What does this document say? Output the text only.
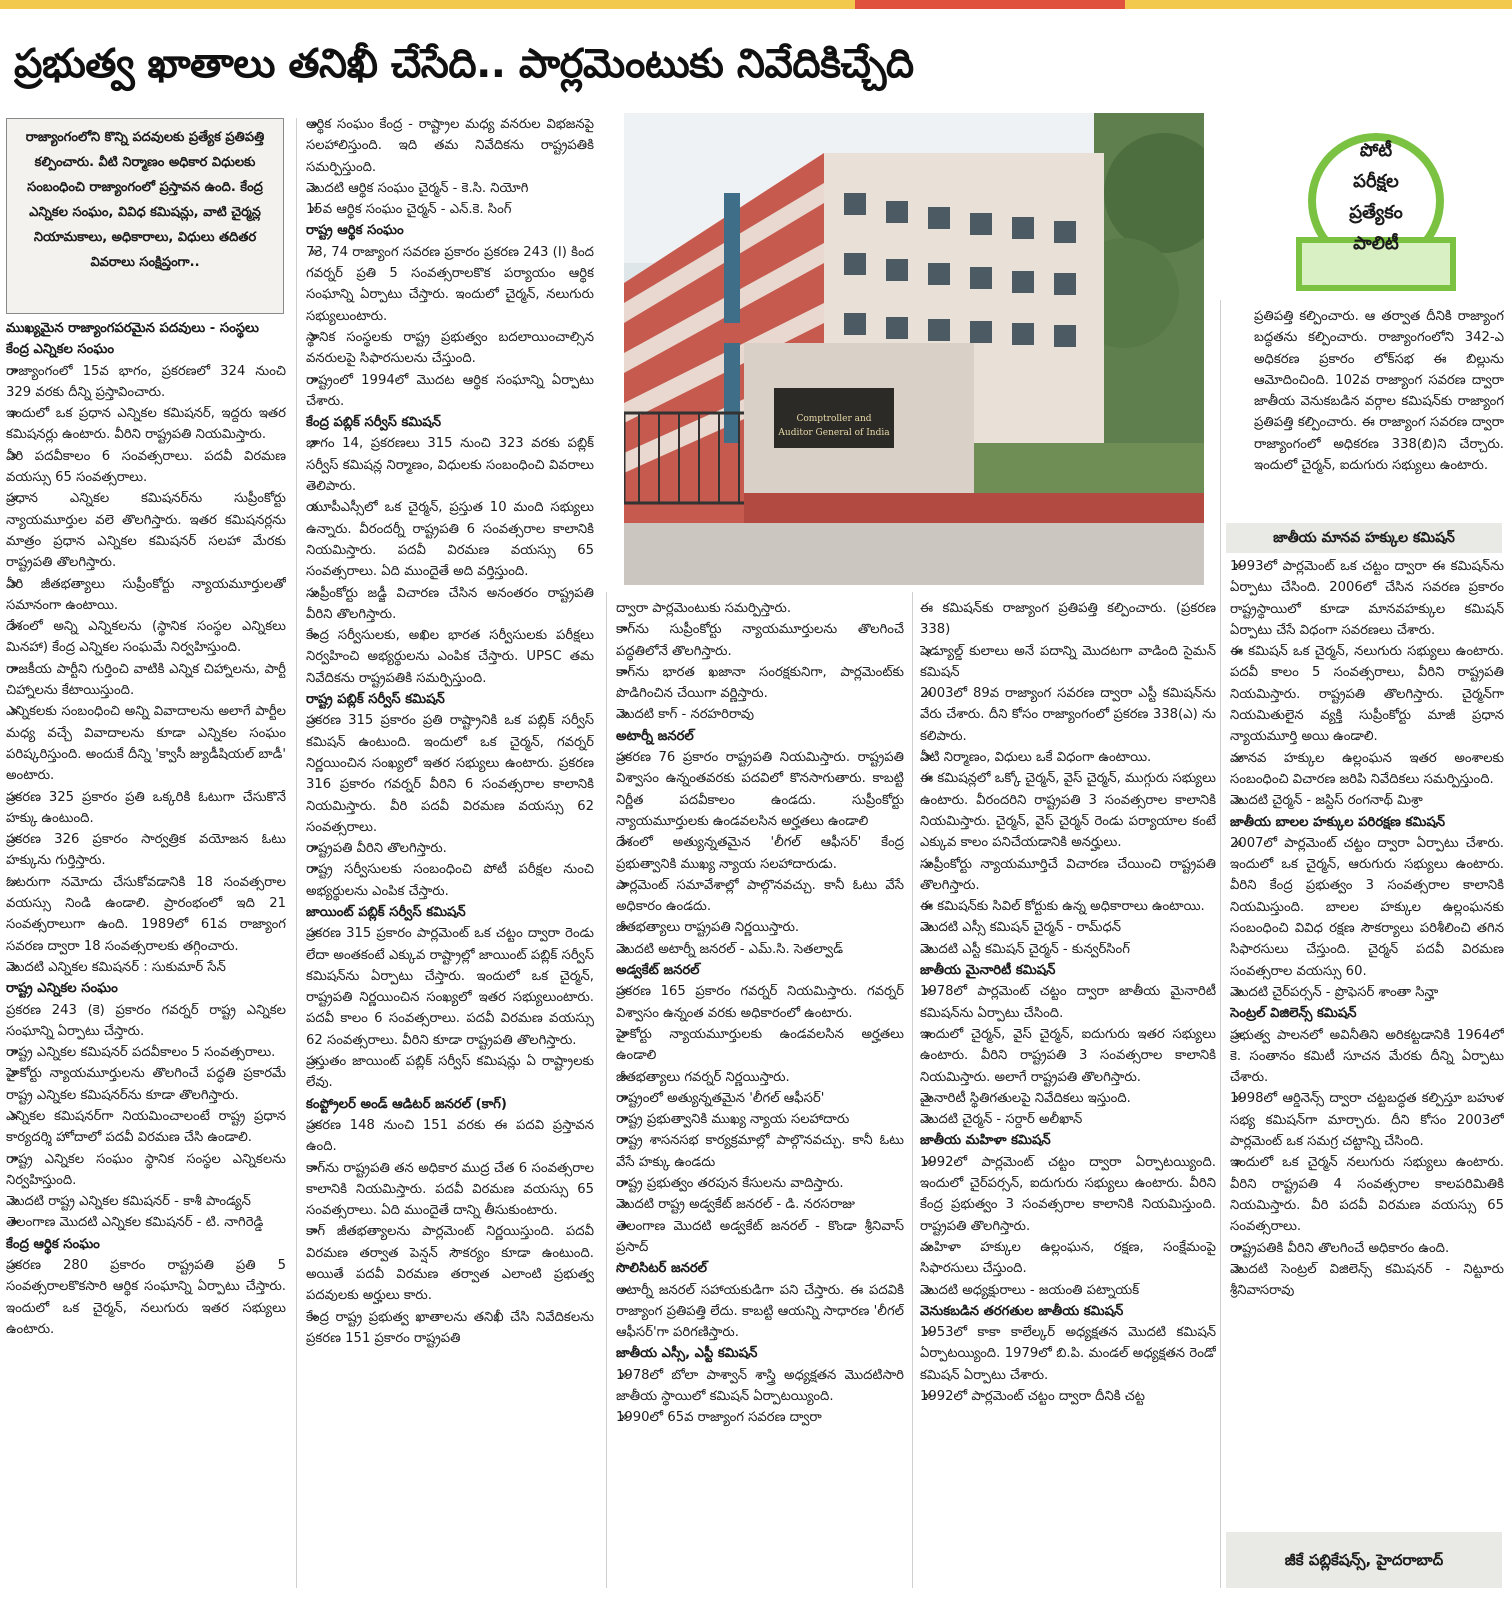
ప్రభుత్వ ఖాతాలు తనిఖీ చేసేది.. పార్లమెంటుకు నివేదికిచ్చేది
రాజ్యాంగంలోని కొన్ని పదవులకు ప్రత్యేక ప్రతిపత్తి కల్పించారు. వీటి నిర్మాణం అధికార విధులకు సంబంధించి రాజ్యాంగంలో ప్రస్తావన ఉంది. కేంద్ర ఎన్నికల సంఘం, వివిధ కమిషన్లు, వాటి చైర్మన్ల నియామకాలు, అధికారాలు, విధులు తదితర వివరాలు సంక్షిప్తంగా..

ముఖ్యమైన రాజ్యాంగపరమైన పదవులు - సంస్థలు కేంద్ర ఎన్నికల సంఘం

» రాజ్యాంగంలో 15వ భాగం, ప్రకరణలో 324 నుంచి 329 వరకు దీన్ని ప్రస్తావించారు.

» ఇందులో ఒక ప్రధాన ఎన్నికల కమిషనర్, ఇద్దరు ఇతర కమిషనర్లు ఉంటారు. వీరిని రాష్ట్రపతి నియమిస్తారు.

» వీరి పదవీకాలం 6 సంవత్సరాలు. పదవీ విరమణ వయస్సు 65 సంవత్సరాలు.

» ప్రధాన ఎన్నికల కమిషనర్‌ను సుప్రీంకోర్టు న్యాయమూర్తుల వలె తొలగిస్తారు. ఇతర కమిషనర్లను మాత్రం ప్రధాన ఎన్నికల కమిషనర్ సలహా మేరకు రాష్ట్రపతి తొలగిస్తారు.

» వీరి జీతభత్యాలు సుప్రీంకోర్టు న్యాయమూర్తులతో సమానంగా ఉంటాయి.

» దేశంలో అన్ని ఎన్నికలను (స్థానిక సంస్థల ఎన్నికలు మినహా) కేంద్ర ఎన్నికల సంఘమే నిర్వహిస్తుంది.

» రాజకీయ పార్టీని గుర్తించి వాటికి ఎన్నిక చిహ్నాలను, పార్టీ చిహ్నాలను కేటాయిస్తుంది.

» ఎన్నికలకు సంబంధించి అన్ని వివాదాలను అలాగే పార్టీల మధ్య వచ్చే వివాదాలను కూడా ఎన్నికల సంఘం పరిష్కరిస్తుంది. అందుకే దీన్ని 'క్వాసీ జ్యుడీషియల్ బాడీ' అంటారు.

» ప్రకరణ 325 ప్రకారం ప్రతి ఒక్కరికి ఓటుగా చేసుకొనే హక్కు ఉంటుంది.

» ప్రకరణ 326 ప్రకారం సార్వత్రిక వయోజన ఓటు హక్కును గుర్తిస్తారు.

» ఓటరుగా నమోదు చేసుకోవడానికి 18 సంవత్సరాల వయస్సు నిండి ఉండాలి. ప్రారంభంలో ఇది 21 సంవత్సరాలుగా ఉంది. 1989లో 61వ రాజ్యాంగ సవరణ ద్వారా 18 సంవత్సరాలకు తగ్గించారు.

» మొదటి ఎన్నికల కమిషనర్ : సుకుమార్ సేన్

రాష్ట్ర ఎన్నికల సంఘం

ప్రకరణ 243 (కె) ప్రకారం గవర్నర్ రాష్ట్ర ఎన్నికల సంఘాన్ని ఏర్పాటు చేస్తారు.

» రాష్ట్ర ఎన్నికల కమిషనర్ పదవీకాలం 5 సంవత్సరాలు.

» హైకోర్టు న్యాయమూర్తులను తొలగించే పద్ధతి ప్రకారమే రాష్ట్ర ఎన్నికల కమిషనర్‌ను కూడా తొలగిస్తారు.

» ఎన్నికల కమిషనర్‌గా నియమించాలంటే రాష్ట్ర ప్రధాన కార్యదర్శి హోదాలో పదవీ విరమణ చేసి ఉండాలి.

» రాష్ట్ర ఎన్నికల సంఘం స్థానిక సంస్థల ఎన్నికలను నిర్వహిస్తుంది.

» మొదటి రాష్ట్ర ఎన్నికల కమిషనర్ - కాశీ పాండ్యన్

» తెలంగాణ మొదటి ఎన్నికల కమిషనర్ - టి. నాగిరెడ్డి

కేంద్ర ఆర్థిక సంఘం

» ప్రకరణ 280 ప్రకారం రాష్ట్రపతి ప్రతి 5 సంవత్సరాలకొకసారి ఆర్థిక సంఘాన్ని ఏర్పాటు చేస్తారు. ఇందులో ఒక చైర్మన్, నలుగురు ఇతర సభ్యులు ఉంటారు.

» ఆర్థిక సంఘం కేంద్ర - రాష్ట్రాల మధ్య వనరుల విభజనపై సలహాలిస్తుంది. ఇది తమ నివేదికను రాష్ట్రపతికి సమర్పిస్తుంది.

» మొదటి ఆర్థిక సంఘం చైర్మన్ - కె.సి. నియోగి

» 15వ ఆర్థిక సంఘం చైర్మన్ - ఎన్.కె. సింగ్

రాష్ట్ర ఆర్థిక సంఘం

» 73, 74 రాజ్యాంగ సవరణ ప్రకారం ప్రకరణ 243 (I) కింద గవర్నర్ ప్రతి 5 సంవత్సరాలకొక పర్యాయం ఆర్థిక సంఘాన్ని ఏర్పాటు చేస్తారు. ఇందులో చైర్మన్, నలుగురు సభ్యులుంటారు.

» స్థానిక సంస్థలకు రాష్ట్ర ప్రభుత్వం బదలాయించాల్సిన వనరులపై సిఫారసులను చేస్తుంది.

» రాష్ట్రంలో 1994లో మొదట ఆర్థిక సంఘాన్ని ఏర్పాటు చేశారు.

కేంద్ర పబ్లిక్ సర్వీస్ కమిషన్

» భాగం 14, ప్రకరణలు 315 నుంచి 323 వరకు పబ్లిక్ సర్వీస్ కమిషన్ల నిర్మాణం, విధులకు సంబంధించి వివరాలు తెలిపారు.

» యూపీఎస్సీలో ఒక చైర్మన్, ప్రస్తుత 10 మంది సభ్యులు ఉన్నారు. వీరందర్నీ రాష్ట్రపతి 6 సంవత్సరాల కాలానికి నియమిస్తారు. పదవీ విరమణ వయస్సు 65 సంవత్సరాలు. ఏది ముందైతే అది వర్తిస్తుంది.

» సుప్రీంకోర్టు జడ్జీ విచారణ చేసిన అనంతరం రాష్ట్రపతి వీరిని తొలగిస్తారు.

» కేంద్ర సర్వీసులకు, అఖిల భారత సర్వీసులకు పరీక్షలు నిర్వహించి అభ్యర్థులను ఎంపిక చేస్తారు. UPSC తమ నివేదికను రాష్ట్రపతికి సమర్పిస్తుంది.

రాష్ట్ర పబ్లిక్ సర్వీస్ కమిషన్

» ప్రకరణ 315 ప్రకారం ప్రతి రాష్ట్రానికి ఒక పబ్లిక్ సర్వీస్ కమిషన్ ఉంటుంది. ఇందులో ఒక చైర్మన్, గవర్నర్ నిర్ణయించిన సంఖ్యలో ఇతర సభ్యులు ఉంటారు. ప్రకరణ 316 ప్రకారం గవర్నర్ వీరిని 6 సంవత్సరాల కాలానికి నియమిస్తారు. వీరి పదవీ విరమణ వయస్సు 62 సంవత్సరాలు.

» రాష్ట్రపతి వీరిని తొలగిస్తారు.

» రాష్ట్ర సర్వీసులకు సంబంధించి పోటీ పరీక్షల నుంచి అభ్యర్థులను ఎంపిక చేస్తారు.

జాయింట్ పబ్లిక్ సర్వీస్ కమిషన్

» ప్రకరణ 315 ప్రకారం పార్లమెంట్ ఒక చట్టం ద్వారా రెండు లేదా అంతకంటే ఎక్కువ రాష్ట్రాల్లో జాయింట్ పబ్లిక్ సర్వీస్ కమిషన్‌ను ఏర్పాటు చేస్తారు. ఇందులో ఒక చైర్మన్, రాష్ట్రపతి నిర్ణయించిన సంఖ్యలో ఇతర సభ్యులుంటారు. పదవీ కాలం 6 సంవత్సరాలు. పదవీ విరమణ వయస్సు 62 సంవత్సరాలు. వీరిని కూడా రాష్ట్రపతి తొలగిస్తారు.

» ప్రస్తుతం జాయింట్ పబ్లిక్ సర్వీస్ కమిషన్లు ఏ రాష్ట్రాలకు లేవు.

కంప్ట్రోలర్ అండ్ ఆడిటర్ జనరల్ (కాగ్)

» ప్రకరణ 148 నుంచి 151 వరకు ఈ పదవి ప్రస్తావన ఉంది.

» కాగ్‌ను రాష్ట్రపతి తన అధికార ముద్ర చేత 6 సంవత్సరాల కాలానికి నియమిస్తారు. పదవీ విరమణ వయస్సు 65 సంవత్సరాలు. ఏది ముందైతే దాన్ని తీసుకుంటారు.

» కాగ్ జీతభత్యాలను పార్లమెంట్ నిర్ణయిస్తుంది. పదవీ విరమణ తర్వాత పెన్షన్ సౌకర్యం కూడా ఉంటుంది. అయితే పదవీ విరమణ తర్వాత ఎలాంటి ప్రభుత్వ పదవులకు అర్హులు కారు.

» కేంద్ర రాష్ట్ర ప్రభుత్వ ఖాతాలను తనిఖీ చేసి నివేదికలను ప్రకరణ 151 ప్రకారం రాష్ట్రపతి

Comptroller and
Auditor General of India
పోటీ
పరీక్షల
ప్రత్యేకం
పాలిటీ

ద్వారా పార్లమెంటుకు సమర్పిస్తారు.

» కాగ్‌ను సుప్రీంకోర్టు న్యాయమూర్తులను తొలగించే పద్ధతిలోనే తొలగిస్తారు.

» కాగ్‌ను భారత ఖజానా సంరక్షకునిగా, పార్లమెంట్‌కు పొడిగించిన చేయిగా వర్ణిస్తారు.

» మొదటి కాగ్ - నరహరిరావు

అటార్నీ జనరల్

» ప్రకరణ 76 ప్రకారం రాష్ట్రపతి నియమిస్తారు. రాష్ట్రపతి విశ్వాసం ఉన్నంతవరకు పదవిలో కొనసాగుతారు. కాబట్టి నిర్ణీత పదవీకాలం ఉండదు. సుప్రీంకోర్టు న్యాయమూర్తులకు ఉండవలసిన అర్హతలు ఉండాలి

» దేశంలో అత్యున్నతమైన 'లీగల్ ఆఫీసర్' కేంద్ర ప్రభుత్వానికి ముఖ్య న్యాయ సలహాదారుడు.

» పార్లమెంట్ సమావేశాల్లో పాల్గొనవచ్చు. కానీ ఓటు వేసే అధికారం ఉండదు.

» జీతభత్యాలు రాష్ట్రపతి నిర్ణయిస్తారు.

» మొదటి అటార్నీ జనరల్ - ఎమ్.సి. సెతల్వాడ్

అడ్వకేట్ జనరల్

» ప్రకరణ 165 ప్రకారం గవర్నర్ నియమిస్తారు. గవర్నర్ విశ్వాసం ఉన్నంత వరకు అధికారంలో ఉంటారు.

» హైకోర్టు న్యాయమూర్తులకు ఉండవలసిన అర్హతలు ఉండాలి

» జీతభత్యాలు గవర్నర్ నిర్ణయిస్తారు.

» రాష్ట్రంలో అత్యున్నతమైన 'లీగల్ ఆఫీసర్'

» రాష్ట్ర ప్రభుత్వానికి ముఖ్య న్యాయ సలహాదారు

» రాష్ట్ర శాసనసభ కార్యక్రమాల్లో పాల్గొనవచ్చు. కానీ ఓటు వేసే హక్కు ఉండదు

» రాష్ట్ర ప్రభుత్వం తరపున కేసులను వాదిస్తారు.

» మొదటి రాష్ట్ర అడ్వకేట్ జనరల్ - డి. నరసరాజు

» తెలంగాణ మొదటి అడ్వకేట్ జనరల్ - కొండా శ్రీనివాస్ ప్రసాద్

సొలిసిటర్ జనరల్

» అటార్నీ జనరల్ సహాయకుడిగా పని చేస్తారు. ఈ పదవికి రాజ్యాంగ ప్రతిపత్తి లేదు. కాబట్టి ఆయన్ని సాధారణ 'లీగల్ ఆఫీసర్'గా పరిగణిస్తారు.

జాతీయ ఎస్సీ, ఎస్టీ కమిషన్

» 1978లో బోలా పాశ్వాన్ శాస్త్రి అధ్యక్షతన మొదటిసారి జాతీయ స్థాయిలో కమిషన్ ఏర్పాటయ్యింది.

» 1990లో 65వ రాజ్యాంగ సవరణ ద్వారా

ఈ కమిషన్‌కు రాజ్యాంగ ప్రతిపత్తి కల్పించారు. (ప్రకరణ 338)

» షెడ్యూల్డ్ కులాలు అనే పదాన్ని మొదటగా వాడింది సైమన్ కమిషన్

» 2003లో 89వ రాజ్యాంగ సవరణ ద్వారా ఎస్టీ కమిషన్‌ను వేరు చేశారు. దీని కోసం రాజ్యాంగంలో ప్రకరణ 338(ఎ) ను కలిపారు.

» వీటి నిర్మాణం, విధులు ఒకే విధంగా ఉంటాయి.

» ఈ కమిషన్లలో ఒక్కో చైర్మన్, వైస్ చైర్మన్, ముగ్గురు సభ్యులు ఉంటారు. వీరందరిని రాష్ట్రపతి 3 సంవత్సరాల కాలానికి నియమిస్తారు. చైర్మన్, వైస్ చైర్మన్ రెండు పర్యాయాల కంటే ఎక్కువ కాలం పనిచేయడానికి అనర్హులు.

» సుప్రీంకోర్టు న్యాయమూర్తిచే విచారణ చేయించి రాష్ట్రపతి తొలగిస్తారు.

» ఈ కమిషన్‌కు సివిల్ కోర్టుకు ఉన్న అధికారాలు ఉంటాయి.

» మొదటి ఎస్సీ కమిషన్ చైర్మన్ - రామ్‌ధన్

» మొదటి ఎస్టీ కమిషన్ చైర్మన్ - కున్వర్‌సింగ్

జాతీయ మైనారిటీ కమిషన్

» 1978లో పార్లమెంట్ చట్టం ద్వారా జాతీయ మైనారిటీ కమిషన్‌ను ఏర్పాటు చేసింది.

» ఇందులో చైర్మన్, వైస్ చైర్మన్, ఐదుగురు ఇతర సభ్యులు ఉంటారు. వీరిని రాష్ట్రపతి 3 సంవత్సరాల కాలానికి నియమిస్తారు. అలాగే రాష్ట్రపతి తొలగిస్తారు.

» మైనారిటీ స్థితిగతులపై నివేదికలు ఇస్తుంది.

» మొదటి చైర్మన్ - సర్దార్ అలీఖాన్

జాతీయ మహిళా కమిషన్

» 1992లో పార్లమెంట్ చట్టం ద్వారా ఏర్పాటయ్యింది. ఇందులో చైర్‌పర్సన్, ఐదుగురు సభ్యులు ఉంటారు. వీరిని కేంద్ర ప్రభుత్వం 3 సంవత్సరాల కాలానికి నియమిస్తుంది. రాష్ట్రపతి తొలగిస్తారు.

» మహిళా హక్కుల ఉల్లంఘన, రక్షణ, సంక్షేమంపై సిఫారసులు చేస్తుంది.

» మొదటి అధ్యక్షురాలు - జయంతి పట్నాయక్

వెనుకబడిన తరగతుల జాతీయ కమిషన్

» 1953లో కాకా కాలేల్కర్ అధ్యక్షతన మొదటి కమిషన్ ఏర్పాటయ్యింది. 1979లో బి.పి. మండల్ అధ్యక్షతన రెండో కమిషన్ ఏర్పాటు చేశారు.

» 1992లో పార్లమెంట్ చట్టం ద్వారా దీనికి చట్ట

ప్రతిపత్తి కల్పించారు. ఆ తర్వాత దీనికి రాజ్యాంగ బద్ధతను కల్పించారు. రాజ్యాంగంలోని 342-ఎ అధికరణ ప్రకారం లోక్‌సభ ఈ బిల్లును ఆమోదించింది. 102వ రాజ్యాంగ సవరణ ద్వారా జాతీయ వెనుకబడిన వర్గాల కమిషన్‌కు రాజ్యాంగ ప్రతిపత్తి కల్పించారు. ఈ రాజ్యాంగ సవరణ ద్వారా రాజ్యాంగంలో అధికరణ 338(బి)ని చేర్చారు. ఇందులో చైర్మన్, ఐదుగురు సభ్యులు ఉంటారు.

జాతీయ మానవ హక్కుల కమిషన్

» 1993లో పార్లమెంట్ ఒక చట్టం ద్వారా ఈ కమిషన్‌ను ఏర్పాటు చేసింది. 2006లో చేసిన సవరణ ప్రకారం రాష్ట్రస్థాయిలో కూడా మానవహక్కుల కమిషన్ ఏర్పాటు చేసే విధంగా సవరణలు చేశారు.

» ఈ కమిషన్ ఒక చైర్మన్, నలుగురు సభ్యులు ఉంటారు. పదవీ కాలం 5 సంవత్సరాలు, వీరిని రాష్ట్రపతి నియమిస్తారు. రాష్ట్రపతి తొలగిస్తారు. చైర్మన్‌గా నియమితులైన వ్యక్తి సుప్రీంకోర్టు మాజీ ప్రధాన న్యాయమూర్తి అయి ఉండాలి.

» మానవ హక్కుల ఉల్లంఘన ఇతర అంశాలకు సంబంధించి విచారణ జరిపి నివేదికలు సమర్పిస్తుంది.

» మొదటి చైర్మన్ - జస్టిస్ రంగనాథ్ మిశ్రా

జాతీయ బాలల హక్కుల పరిరక్షణ కమిషన్

» 2007లో పార్లమెంట్ చట్టం ద్వారా ఏర్పాటు చేశారు. ఇందులో ఒక చైర్మన్, ఆరుగురు సభ్యులు ఉంటారు. వీరిని కేంద్ర ప్రభుత్వం 3 సంవత్సరాల కాలానికి నియమిస్తుంది. బాలల హక్కుల ఉల్లంఘనకు సంబంధించి వివిధ రక్షణ సౌకర్యాలు పరిశీలించి తగిన సిఫారసులు చేస్తుంది. చైర్మన్ పదవీ విరమణ సంవత్సరాల వయస్సు 60.

» మొదటి చైర్‌పర్సన్ - ప్రొఫెసర్ శాంతా సిన్హా

సెంట్రల్ విజిలెన్స్ కమిషన్

» ప్రభుత్వ పాలనలో అవినీతిని అరికట్టడానికి 1964లో కె. సంతానం కమిటీ సూచన మేరకు దీన్ని ఏర్పాటు చేశారు.

» 1998లో ఆర్డినెన్స్ ద్వారా చట్టబద్ధత కల్పిస్తూ బహుళ సభ్య కమిషన్‌గా మార్చారు. దీని కోసం 2003లో పార్లమెంట్ ఒక సమగ్ర చట్టాన్ని చేసింది.

» ఇందులో ఒక చైర్మన్ నలుగురు సభ్యులు ఉంటారు. వీరిని రాష్ట్రపతి 4 సంవత్సరాల కాలపరిమితికి నియమిస్తారు. వీరి పదవీ విరమణ వయస్సు 65 సంవత్సరాలు.

» రాష్ట్రపతికి వీరిని తొలగించే అధికారం ఉంది.

» మొదటి సెంట్రల్ విజిలెన్స్ కమిషనర్ - నిట్టూరు శ్రీనివాసరావు

జీకే పబ్లికేషన్స్, హైదరాబాద్
